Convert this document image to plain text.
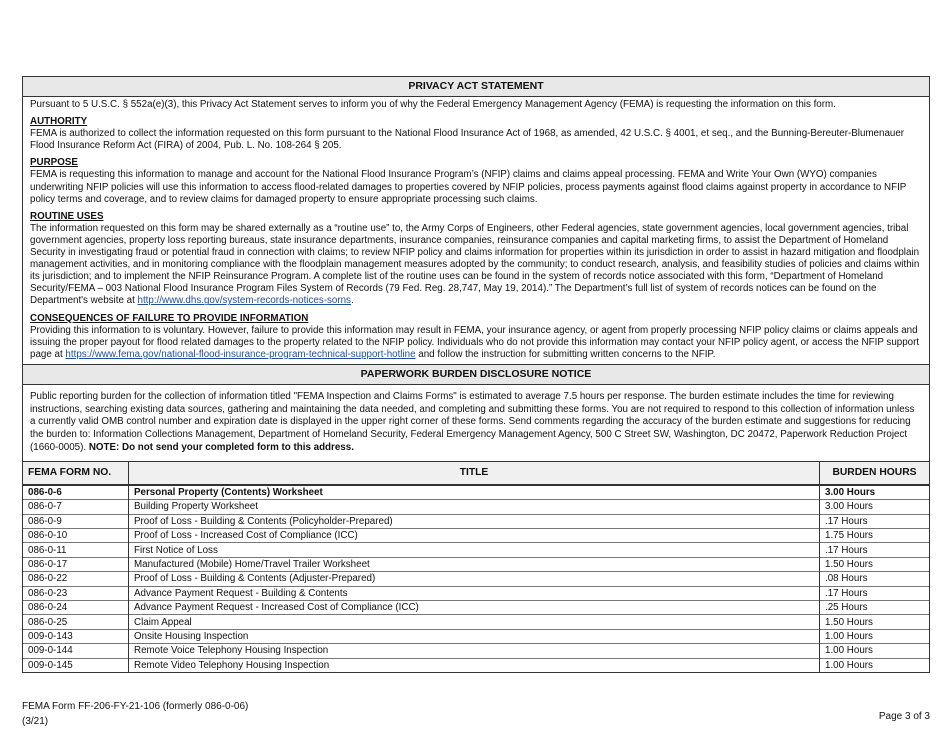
PRIVACY ACT STATEMENT

Pursuant to 5 U.S.C. § 552a(e)(3), this Privacy Act Statement serves to inform you of why the Federal Emergency Management Agency (FEMA) is requesting the information on this form.

AUTHORITY
FEMA is authorized to collect the information requested on this form pursuant to the National Flood Insurance Act of 1968, as amended, 42 U.S.C. § 4001, et seq., and the Bunning-Bereuter-Blumenauer Flood Insurance Reform Act (FIRA) of 2004, Pub. L. No. 108-264 § 205.

PURPOSE
FEMA is requesting this information to manage and account for the National Flood Insurance Program’s (NFIP) claims and claims appeal processing. FEMA and Write Your Own (WYO) companies underwriting NFIP policies will use this information to access flood-related damages to properties covered by NFIP policies, process payments against flood claims against property in accordance to NFIP policy terms and coverage, and to review claims for damaged property to ensure appropriate processing such claims.

ROUTINE USES
The information requested on this form may be shared externally as a “routine use” to, the Army Corps of Engineers, other Federal agencies, state government agencies, local government agencies, tribal government agencies, property loss reporting bureaus, state insurance departments, insurance companies, reinsurance companies and capital marketing firms, to assist the Department of Homeland Security in investigating fraud or potential fraud in connection with claims; to review NFIP policy and claims information for properties within its jurisdiction in order to assist in hazard mitigation and floodplain management activities, and in monitoring compliance with the floodplain management measures adopted by the community; to conduct research, analysis, and feasibility studies of policies and claims within its jurisdiction; and to implement the NFIP Reinsurance Program. A complete list of the routine uses can be found in the system of records notice associated with this form, “Department of Homeland Security/FEMA – 003 National Flood Insurance Program Files System of Records (79 Fed. Reg. 28,747, May 19, 2014).” The Department’s full list of system of records notices can be found on the Department's website at http://www.dhs.gov/system-records-notices-sorns.

CONSEQUENCES OF FAILURE TO PROVIDE INFORMATION
Providing this information to is voluntary. However, failure to provide this information may result in FEMA, your insurance agency, or agent from properly processing NFIP policy claims or claims appeals and issuing the proper payout for flood related damages to the property related to the NFIP policy. Individuals who do not provide this information may contact your NFIP policy agent, or access the NFIP support page at https://www.fema.gov/national-flood-insurance-program-technical-support-hotline and follow the instruction for submitting written concerns to the NFIP.

PAPERWORK BURDEN DISCLOSURE NOTICE
Public reporting burden for the collection of information titled "FEMA Inspection and Claims Forms" is estimated to average 7.5 hours per response. The burden estimate includes the time for reviewing instructions, searching existing data sources, gathering and maintaining the data needed, and completing and submitting these forms. You are not required to respond to this collection of information unless a currently valid OMB control number and expiration date is displayed in the upper right corner of these forms. Send comments regarding the accuracy of the burden estimate and suggestions for reducing the burden to: Information Collections Management, Department of Homeland Security, Federal Emergency Management Agency, 500 C Street SW, Washington, DC 20472, Paperwork Reduction Project (1660-0005). NOTE: Do not send your completed form to this address.
FEMA FORM NO.	TITLE	BURDEN HOURS
086-0-6	Personal Property (Contents) Worksheet	3.00 Hours
086-0-7	Building Property Worksheet	3.00 Hours
086-0-9	Proof of Loss - Building & Contents (Policyholder-Prepared)	.17 Hours
086-0-10	Proof of Loss - Increased Cost of Compliance (ICC)	1.75 Hours
086-0-11	First Notice of Loss	.17 Hours
086-0-17	Manufactured (Mobile) Home/Travel Trailer Worksheet	1.50 Hours
086-0-22	Proof of Loss - Building & Contents (Adjuster-Prepared)	.08 Hours
086-0-23	Advance Payment Request - Building & Contents	.17 Hours
086-0-24	Advance Payment Request - Increased Cost of Compliance (ICC)	.25 Hours
086-0-25	Claim Appeal	1.50 Hours
009-0-143	Onsite Housing Inspection	1.00 Hours
009-0-144	Remote Voice Telephony Housing Inspection	1.00 Hours
009-0-145	Remote Video Telephony Housing Inspection	1.00 Hours
FEMA Form FF-206-FY-21-106 (formerly 086-0-06)
(3/21)	Page 3 of 3
